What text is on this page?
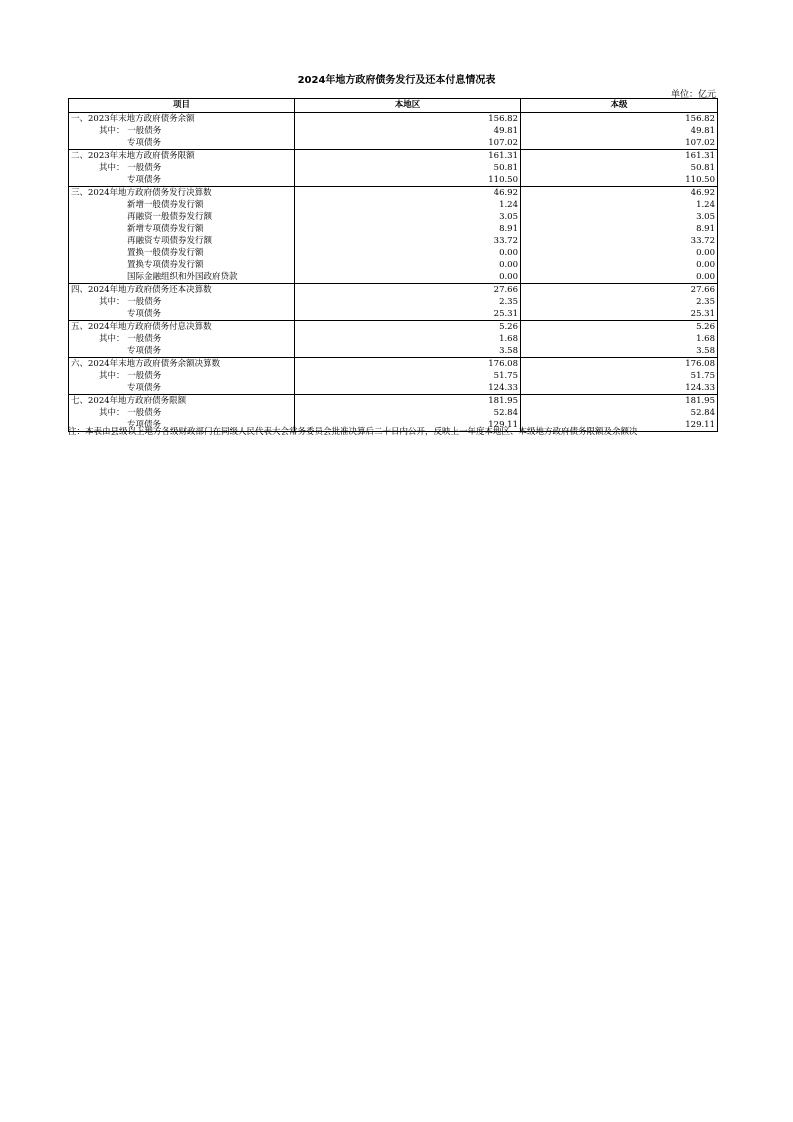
2024年地方政府债务发行及还本付息情况表
单位：亿元
项目	本地区	本级
一、2023年末地方政府债务余额	156.82	156.82
其中： 一般债务	49.81	49.81
专项债务	107.02	107.02
二、2023年末地方政府债务限额	161.31	161.31
其中： 一般债务	50.81	50.81
专项债务	110.50	110.50
三、2024年地方政府债务发行决算数	46.92	46.92
新增一般债券发行额	1.24	1.24
再融资一般债券发行额	3.05	3.05
新增专项债券发行额	8.91	8.91
再融资专项债券发行额	33.72	33.72
置换一般债券发行额	0.00	0.00
置换专项债券发行额	0.00	0.00
国际金融组织和外国政府贷款	0.00	0.00
四、2024年地方政府债务还本决算数	27.66	27.66
其中： 一般债务	2.35	2.35
专项债务	25.31	25.31
五、2024年地方政府债务付息决算数	5.26	5.26
其中： 一般债务	1.68	1.68
专项债务	3.58	3.58
六、2024年末地方政府债务余额决算数	176.08	176.08
其中： 一般债务	51.75	51.75
专项债务	124.33	124.33
七、2024年地方政府债务限额	181.95	181.95
其中： 一般债务	52.84	52.84
专项债务	129.11	129.11
注：本表由县级以上地方各级财政部门在同级人民代表大会常务委员会批准决算后二十日内公开，反映上一年度本地区、本级地方政府债务限额及余额决
